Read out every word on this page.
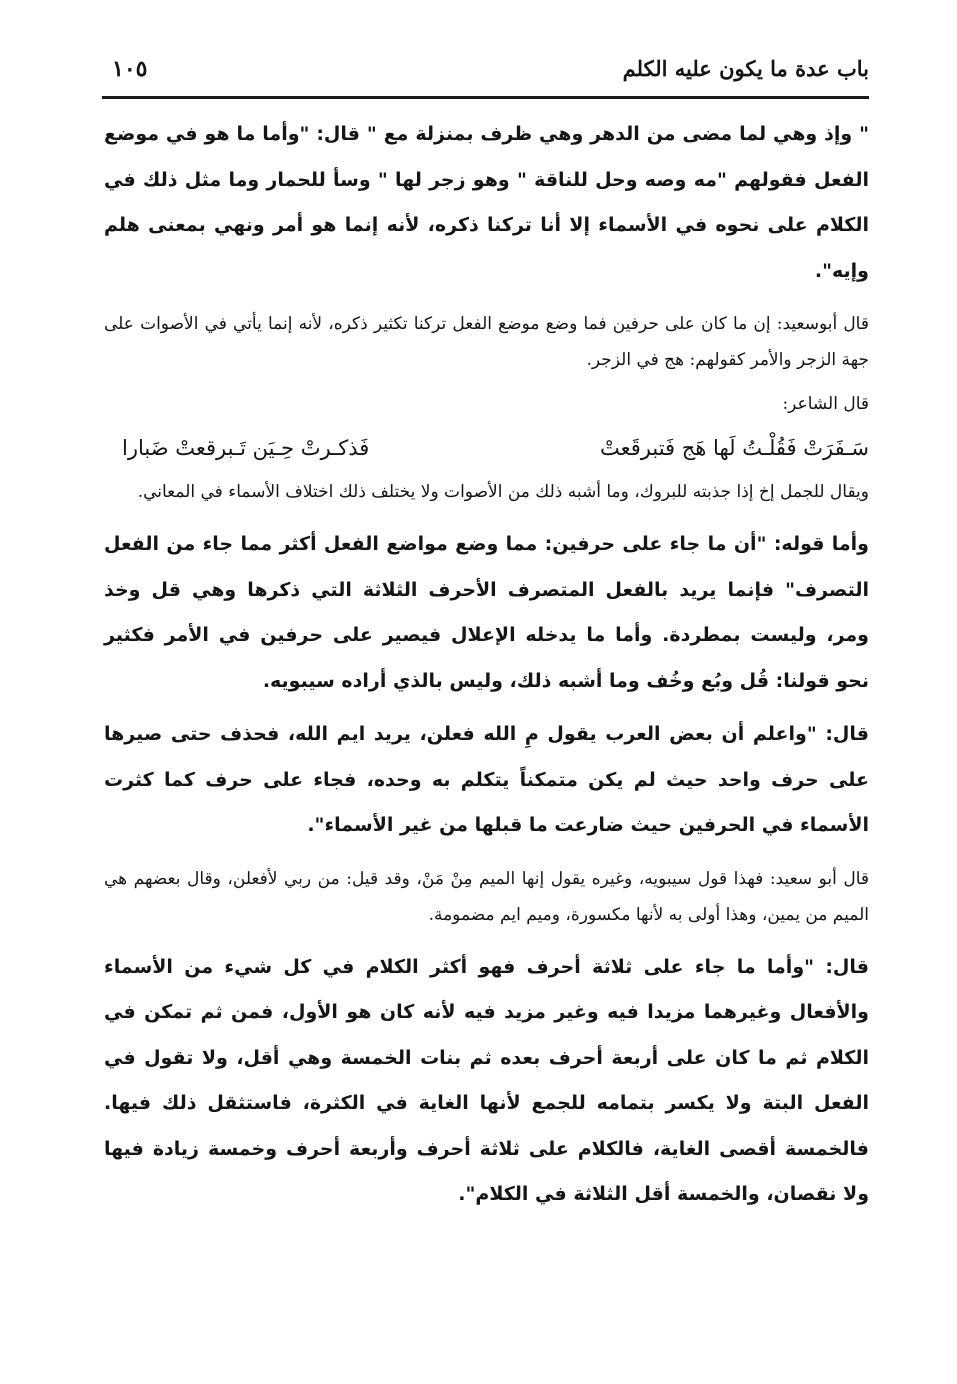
باب عدة ما يكون عليه الكلم
١٠٥

" وإذ وهي لما مضى من الدهر وهي ظرف بمنزلة مع " قال: "وأما ما هو في موضع الفعل فقولهم "مه وصه وحل للناقة " وهو زجر لها " وسأ للحمار وما مثل ذلك في الكلام على نحوه في الأسماء إلا أنا تركنا ذكره، لأنه إنما هو أمر ونهي بمعنى هلم وإيه".

قال أبوسعيد: إن ما كان على حرفين فما وضع موضع الفعل تركنا تكثير ذكره، لأنه إنما يأتي في الأصوات على جهة الزجر والأمر كقولهم: هج في الزجر.

قال الشاعر:

سَـفَرَتْ فَقُلْـتُ لَها هَج فَتبرقَعتْ
فَذكـرتْ حِـيَن تَـبرقعتْ ضَبارا

ويقال للجمل إخ إذا جذبته للبروك، وما أشبه ذلك من الأصوات ولا يختلف ذلك اختلاف الأسماء في المعاني.

وأما قوله: "أن ما جاء على حرفين: مما وضع مواضع الفعل أكثر مما جاء من الفعل التصرف" فإنما يريد بالفعل المتصرف الأحرف الثلاثة التي ذكرها وهي قل وخذ ومر، وليست بمطردة. وأما ما يدخله الإعلال فيصير على حرفين في الأمر فكثير نحو قولنا: قُل وبُع وخُف وما أشبه ذلك، وليس بالذي أراده سيبويه.

قال: "واعلم أن بعض العرب يقول مِ الله فعلن، يريد ايم الله، فحذف حتى صيرها على حرف واحد حيث لم يكن متمكناً يتكلم به وحده، فجاء على حرف كما كثرت الأسماء في الحرفين حيث ضارعت ما قبلها من غير الأسماء".

قال أبو سعيد: فهذا قول سيبويه، وغيره يقول إنها الميم مِنْ مَنْ، وقد قيل: من ربي لأفعلن، وقال بعضهم هي الميم من يمين، وهذا أولى به لأنها مكسورة، وميم ايم مضمومة.

قال: "وأما ما جاء على ثلاثة أحرف فهو أكثر الكلام في كل شيء من الأسماء والأفعال وغيرهما مزيدا فيه وغير مزيد فيه لأنه كان هو الأول، فمن ثم تمكن في الكلام ثم ما كان على أربعة أحرف بعده ثم بنات الخمسة وهي أقل، ولا تقول في الفعل البتة ولا يكسر بتمامه للجمع لأنها الغاية في الكثرة، فاستثقل ذلك فيها. فالخمسة أقصى الغاية، فالكلام على ثلاثة أحرف وأربعة أحرف وخمسة زيادة فيها ولا نقصان، والخمسة أقل الثلاثة في الكلام".
